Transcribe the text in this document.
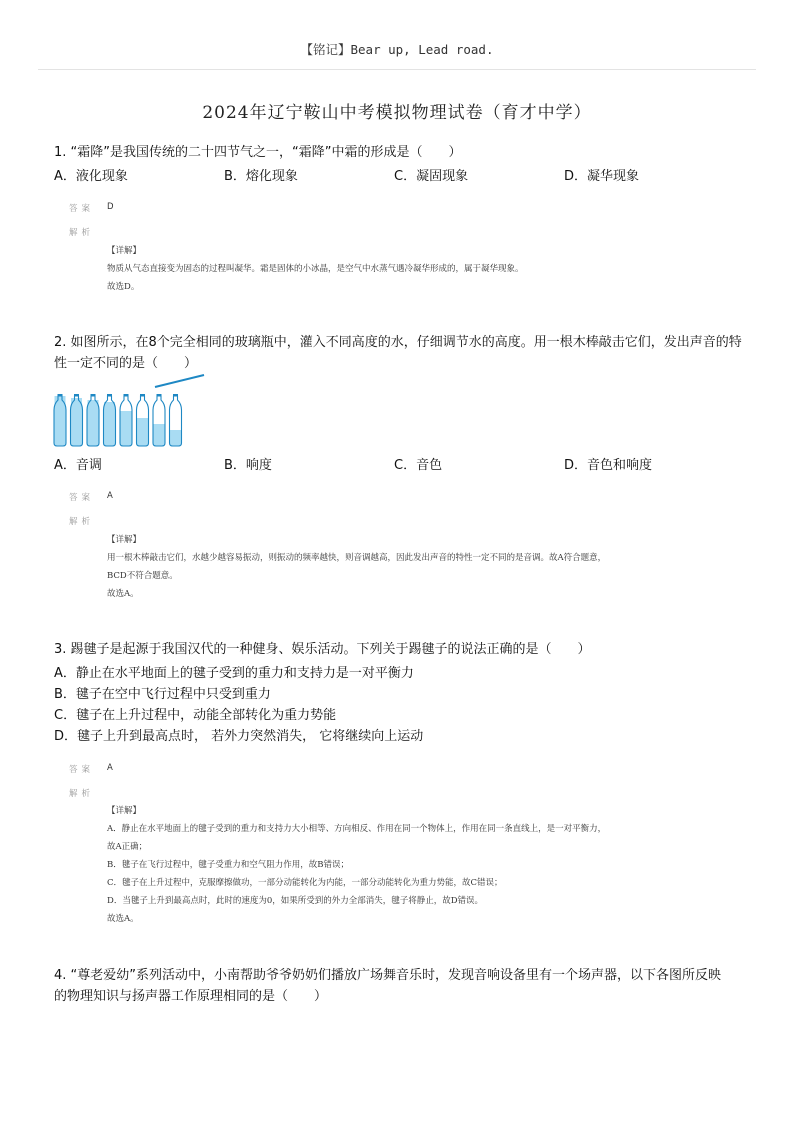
【铭记】Bear up, Lead road.
2024年辽宁鞍山中考模拟物理试卷（育才中学）
1. “霜降”是我国传统的二十四节气之一，“霜降”中霜的形成是（　　）
A．液化现象	B．熔化现象	C．凝固现象	D．凝华现象
答案 D
解析
【详解】
物质从气态直接变为固态的过程叫凝华。霜是固体的小冰晶，是空气中水蒸气遇冷凝华形成的，属于凝华现象。
故选D。
2. 如图所示，在8个完全相同的玻璃瓶中，灌入不同高度的水，仔细调节水的高度。用一根木棒敲击它们，发出声音的特
性一定不同的是（　　）
A．音调	B．响度	C．音色	D．音色和响度
答案 A
解析
【详解】
用一根木棒敲击它们，水越少越容易振动，则振动的频率越快，则音调越高，因此发出声音的特性一定不同的是音调。故A符合题意，
BCD不符合题意。
故选A。
3. 踢毽子是起源于我国汉代的一种健身、娱乐活动。下列关于踢毽子的说法正确的是（　　）
A．静止在水平地面上的毽子受到的重力和支持力是一对平衡力
B．毽子在空中飞行过程中只受到重力
C．毽子在上升过程中，动能全部转化为重力势能
D．毽子上升到最高点时， 若外力突然消失， 它将继续向上运动
答案 A
解析
【详解】
A．静止在水平地面上的毽子受到的重力和支持力大小相等、方向相反、作用在同一个物体上，作用在同一条直线上，是一对平衡力，
故A正确；
B．毽子在飞行过程中，毽子受重力和空气阻力作用，故B错误；
C．毽子在上升过程中，克服摩擦做功，一部分动能转化为内能，一部分动能转化为重力势能，故C错误；
D．当毽子上升到最高点时，此时的速度为0，如果所受到的外力全部消失，毽子将静止，故D错误。
故选A。
4. “尊老爱幼”系列活动中，小南帮助爷爷奶奶们播放广场舞音乐时，发现音响设备里有一个场声器，以下各图所反映
的物理知识与扬声器工作原理相同的是（　　）
